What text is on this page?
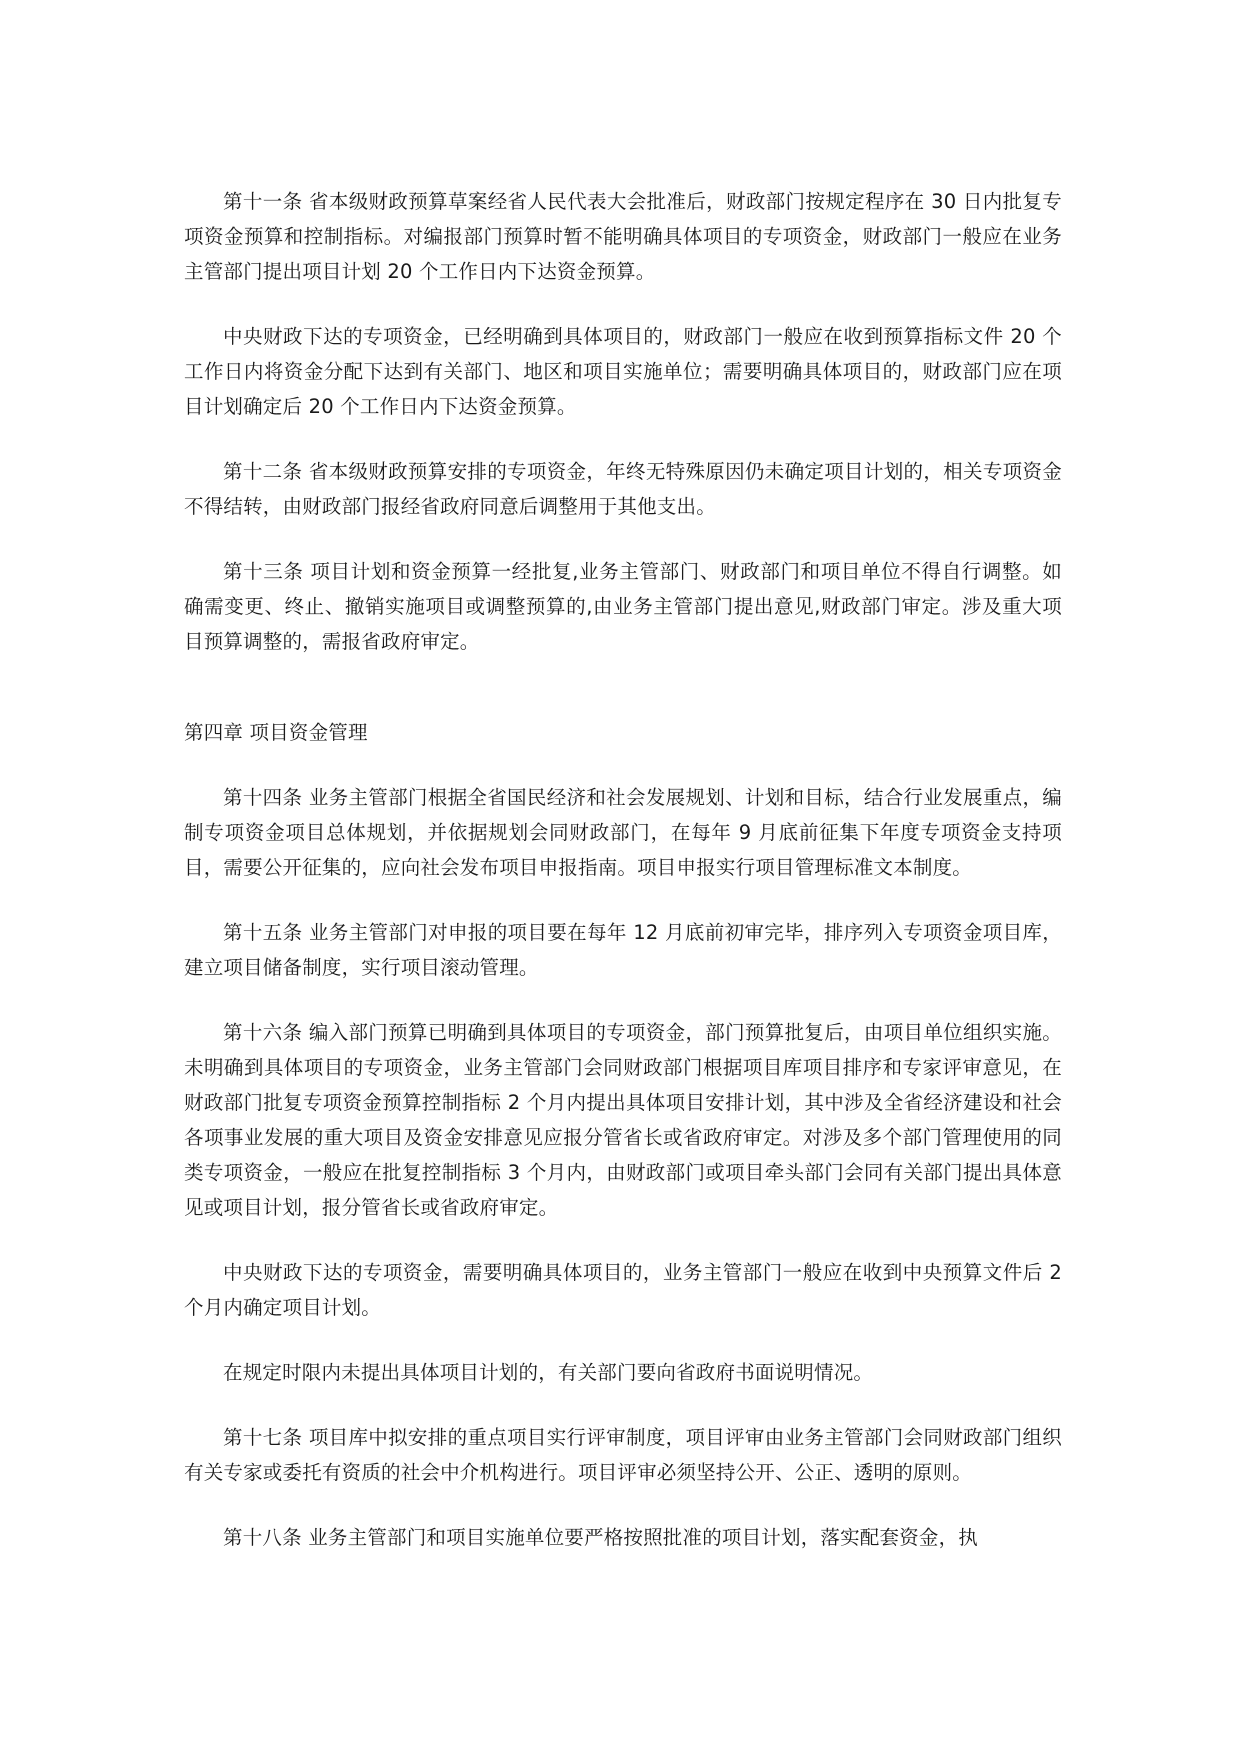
第十一条 省本级财政预算草案经省人民代表大会批准后，财政部门按规定程序在 30 日内批复专项资金预算和控制指标。对编报部门预算时暂不能明确具体项目的专项资金，财政部门一般应在业务主管部门提出项目计划 20 个工作日内下达资金预算。

中央财政下达的专项资金，已经明确到具体项目的，财政部门一般应在收到预算指标文件 20 个工作日内将资金分配下达到有关部门、地区和项目实施单位；需要明确具体项目的，财政部门应在项目计划确定后 20 个工作日内下达资金预算。

第十二条 省本级财政预算安排的专项资金，年终无特殊原因仍未确定项目计划的，相关专项资金不得结转，由财政部门报经省政府同意后调整用于其他支出。

第十三条 项目计划和资金预算一经批复,业务主管部门、财政部门和项目单位不得自行调整。如确需变更、终止、撤销实施项目或调整预算的,由业务主管部门提出意见,财政部门审定。涉及重大项目预算调整的，需报省政府审定。

第四章 项目资金管理

第十四条 业务主管部门根据全省国民经济和社会发展规划、计划和目标，结合行业发展重点，编制专项资金项目总体规划，并依据规划会同财政部门，在每年 9 月底前征集下年度专项资金支持项目，需要公开征集的，应向社会发布项目申报指南。项目申报实行项目管理标准文本制度。

第十五条 业务主管部门对申报的项目要在每年 12 月底前初审完毕，排序列入专项资金项目库，建立项目储备制度，实行项目滚动管理。

第十六条 编入部门预算已明确到具体项目的专项资金，部门预算批复后，由项目单位组织实施。未明确到具体项目的专项资金，业务主管部门会同财政部门根据项目库项目排序和专家评审意见，在财政部门批复专项资金预算控制指标 2 个月内提出具体项目安排计划，其中涉及全省经济建设和社会各项事业发展的重大项目及资金安排意见应报分管省长或省政府审定。对涉及多个部门管理使用的同类专项资金，一般应在批复控制指标 3 个月内，由财政部门或项目牵头部门会同有关部门提出具体意见或项目计划，报分管省长或省政府审定。

中央财政下达的专项资金，需要明确具体项目的，业务主管部门一般应在收到中央预算文件后 2 个月内确定项目计划。

在规定时限内未提出具体项目计划的，有关部门要向省政府书面说明情况。

第十七条 项目库中拟安排的重点项目实行评审制度，项目评审由业务主管部门会同财政部门组织有关专家或委托有资质的社会中介机构进行。项目评审必须坚持公开、公正、透明的原则。

第十八条 业务主管部门和项目实施单位要严格按照批准的项目计划，落实配套资金，执
